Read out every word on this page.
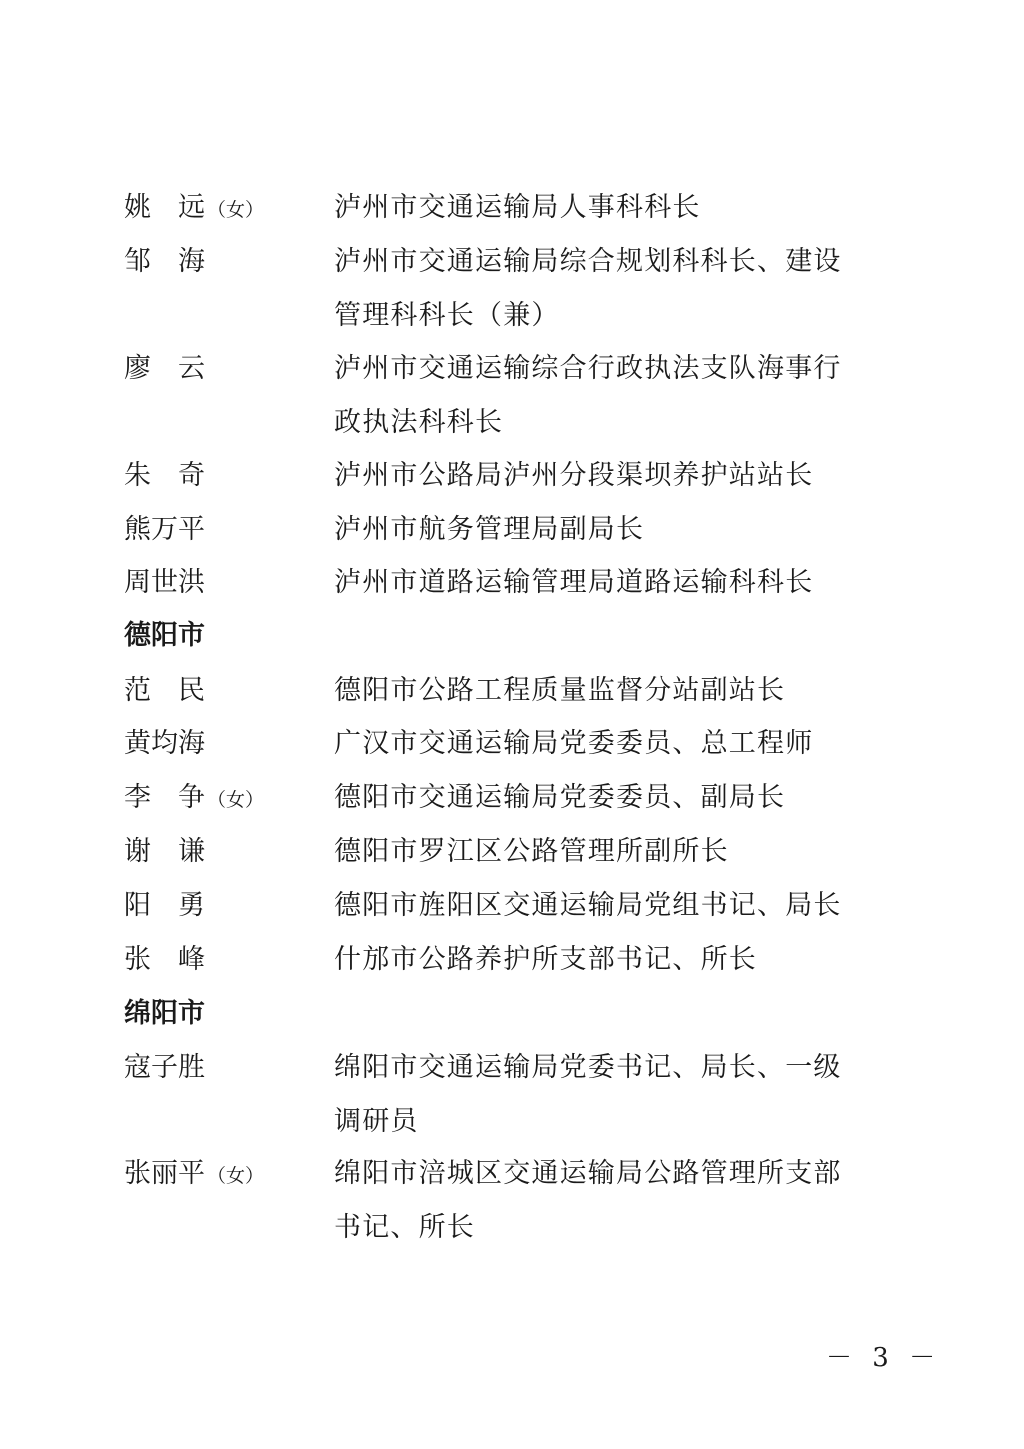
姚　远 （女）	泸州市交通运输局人事科科长
邹　海	泸州市交通运输局综合规划科科长、建设管理科科长（兼）
廖　云	泸州市交通运输综合行政执法支队海事行政执法科科长
朱　奇	泸州市公路局泸州分段渠坝养护站站长
熊万平	泸州市航务管理局副局长
周世洪	泸州市道路运输管理局道路运输科科长
德阳市
范　民	德阳市公路工程质量监督分站副站长
黄均海	广汉市交通运输局党委委员、总工程师
李　争 （女）	德阳市交通运输局党委委员、副局长
谢　谦	德阳市罗江区公路管理所副所长
阳　勇	德阳市旌阳区交通运输局党组书记、局长
张　峰	什邡市公路养护所支部书记、所长
绵阳市
寇子胜	绵阳市交通运输局党委书记、局长、一级调研员
张丽平 （女）	绵阳市涪城区交通运输局公路管理所支部书记、所长
－ 3 －
